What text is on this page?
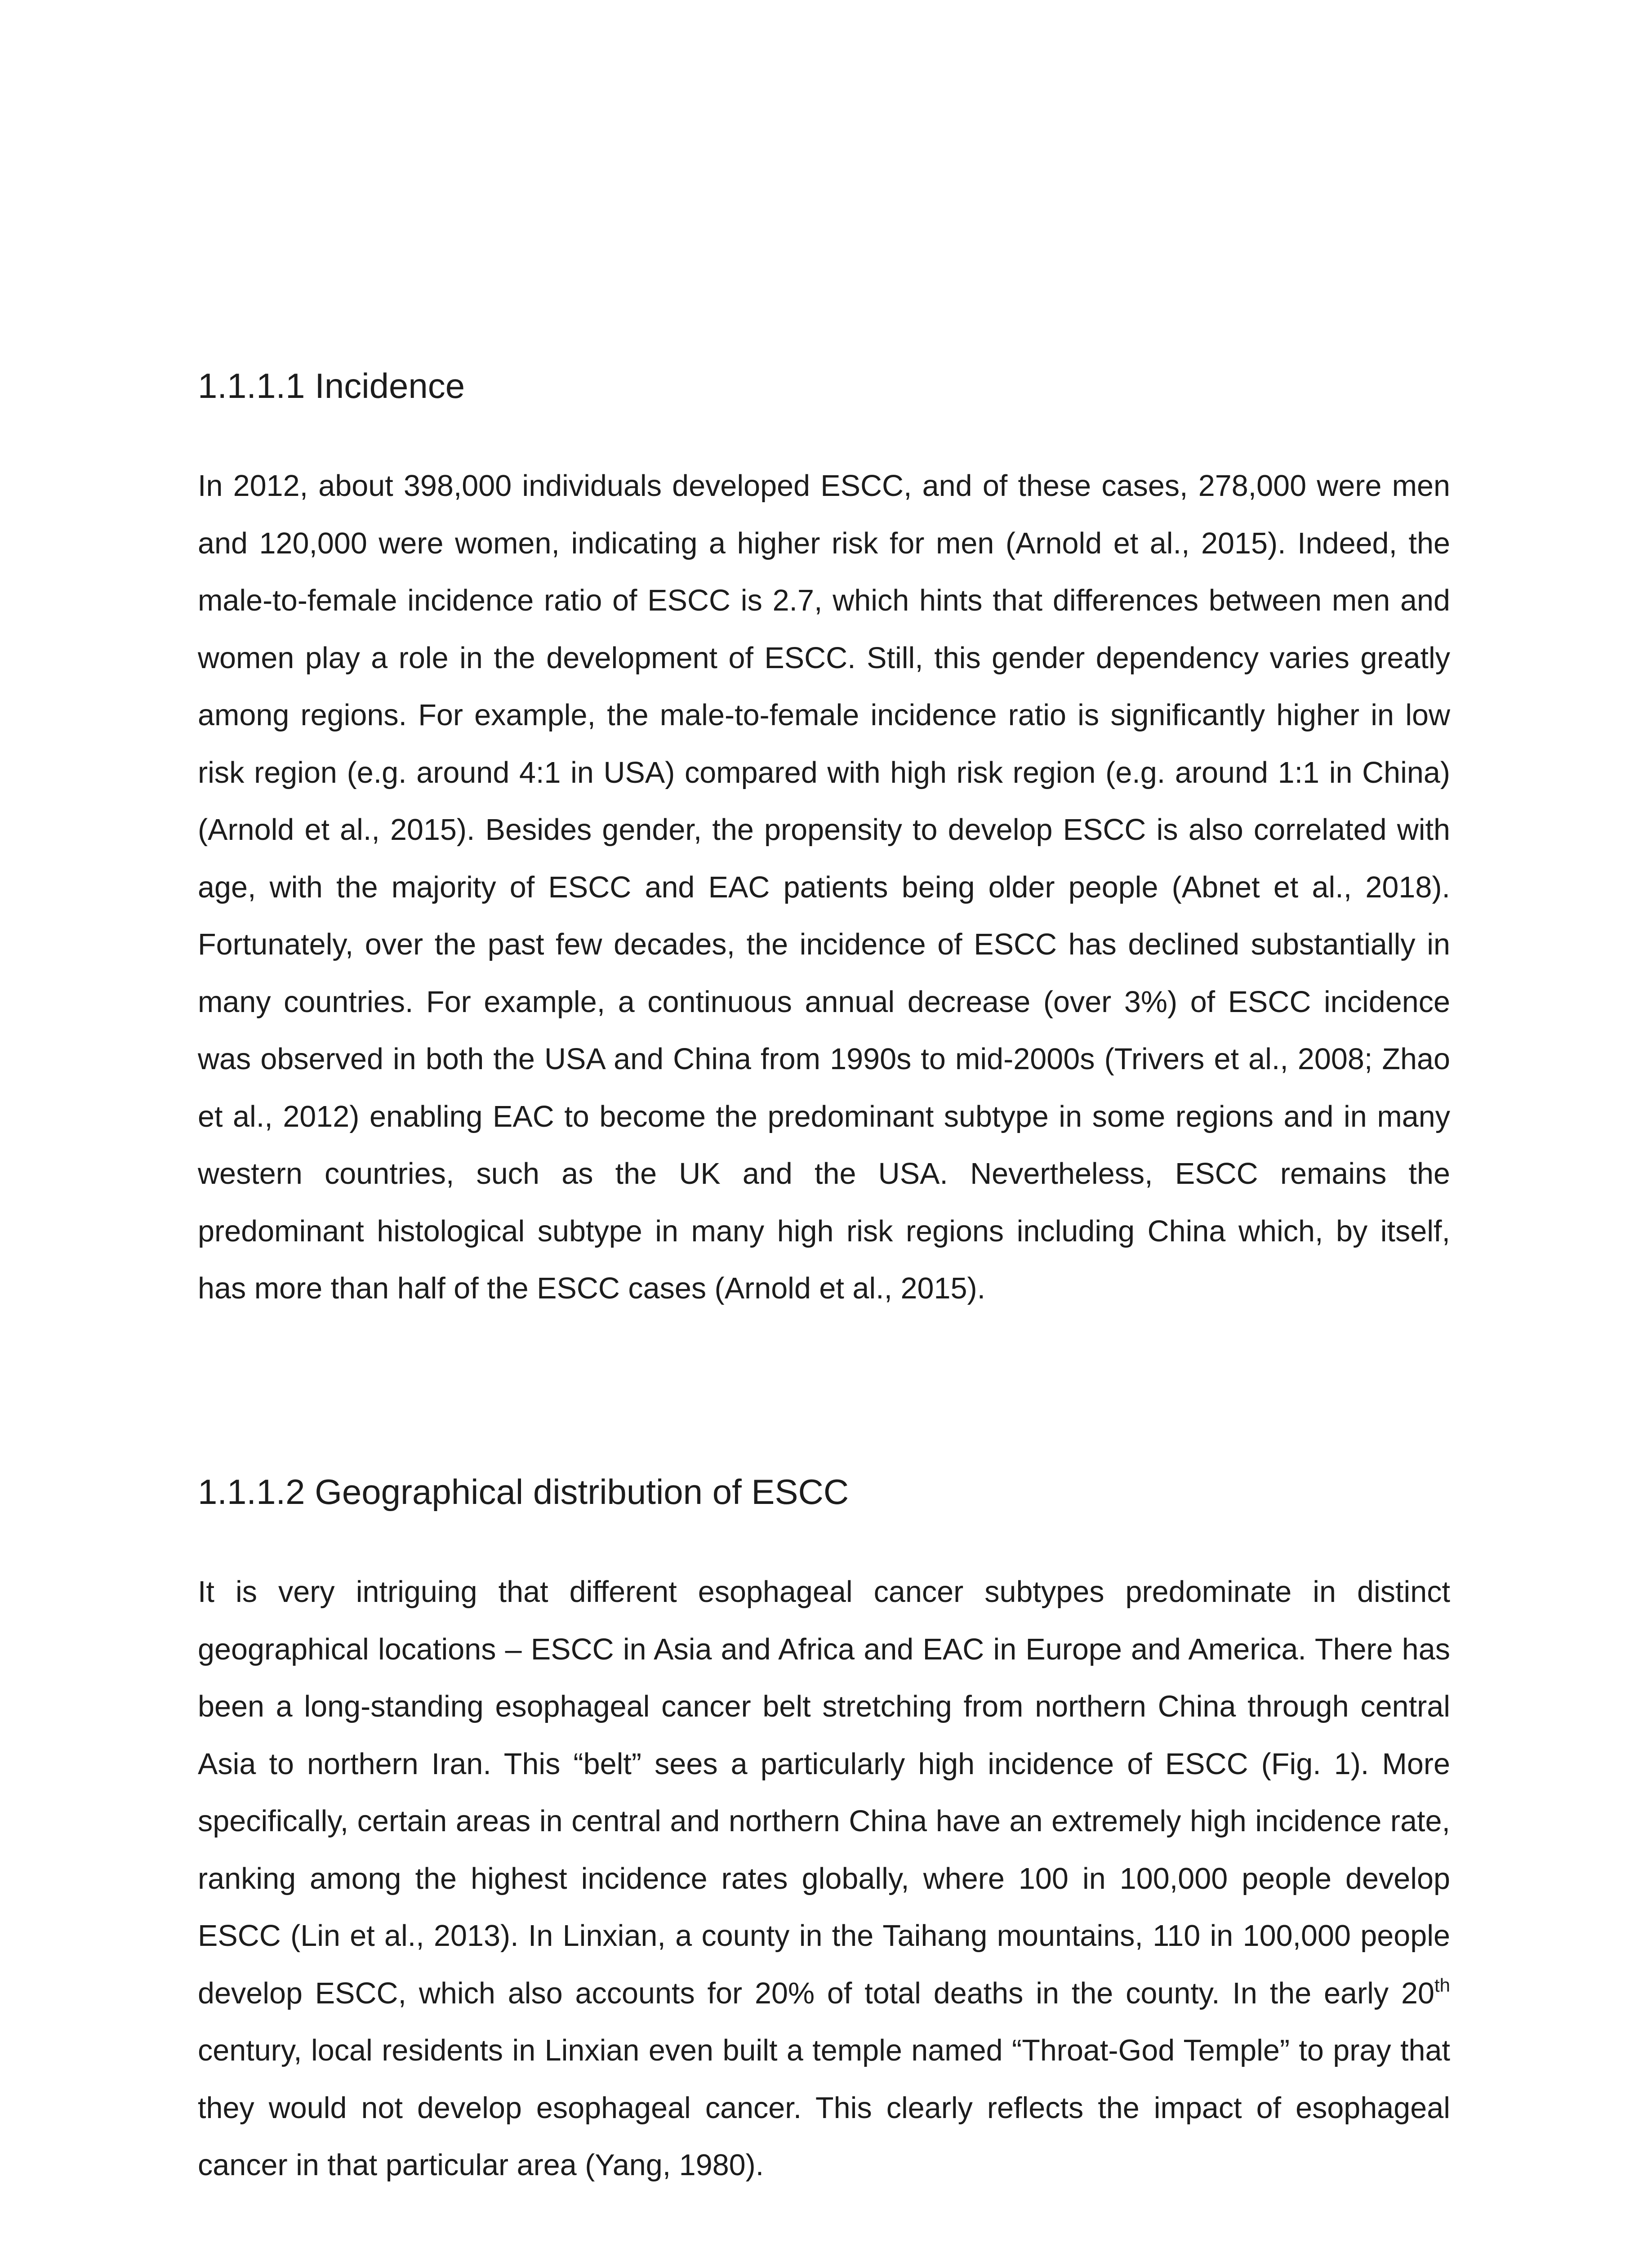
1.1.1.1 Incidence

In 2012, about 398,000 individuals developed ESCC, and of these cases, 278,000 were men and 120,000 were women, indicating a higher risk for men (Arnold et al., 2015). Indeed, the male-to-female incidence ratio of ESCC is 2.7, which hints that differences between men and women play a role in the development of ESCC. Still, this gender dependency varies greatly among regions. For example, the male-to-female incidence ratio is significantly higher in low risk region (e.g. around 4:1 in USA) compared with high risk region (e.g. around 1:1 in China) (Arnold et al., 2015). Besides gender, the propensity to develop ESCC is also correlated with age, with the majority of ESCC and EAC patients being older people (Abnet et al., 2018). Fortunately, over the past few decades, the incidence of ESCC has declined substantially in many countries. For example, a continuous annual decrease (over 3%) of ESCC incidence was observed in both the USA and China from 1990s to mid-2000s (Trivers et al., 2008; Zhao et al., 2012) enabling EAC to become the predominant subtype in some regions and in many western countries, such as the UK and the USA. Nevertheless, ESCC remains the predominant histological subtype in many high risk regions including China which, by itself, has more than half of the ESCC cases (Arnold et al., 2015).

1.1.1.2 Geographical distribution of ESCC

It is very intriguing that different esophageal cancer subtypes predominate in distinct geographical locations – ESCC in Asia and Africa and EAC in Europe and America. There has been a long-standing esophageal cancer belt stretching from northern China through central Asia to northern Iran. This “belt” sees a particularly high incidence of ESCC (Fig. 1). More specifically, certain areas in central and northern China have an extremely high incidence rate, ranking among the highest incidence rates globally, where 100 in 100,000 people develop ESCC (Lin et al., 2013). In Linxian, a county in the Taihang mountains, 110 in 100,000 people develop ESCC, which also accounts for 20% of total deaths in the county. In the early 20th century, local residents in Linxian even built a temple named “Throat-God Temple” to pray that they would not develop esophageal cancer. This clearly reflects the impact of esophageal cancer in that particular area (Yang, 1980).
